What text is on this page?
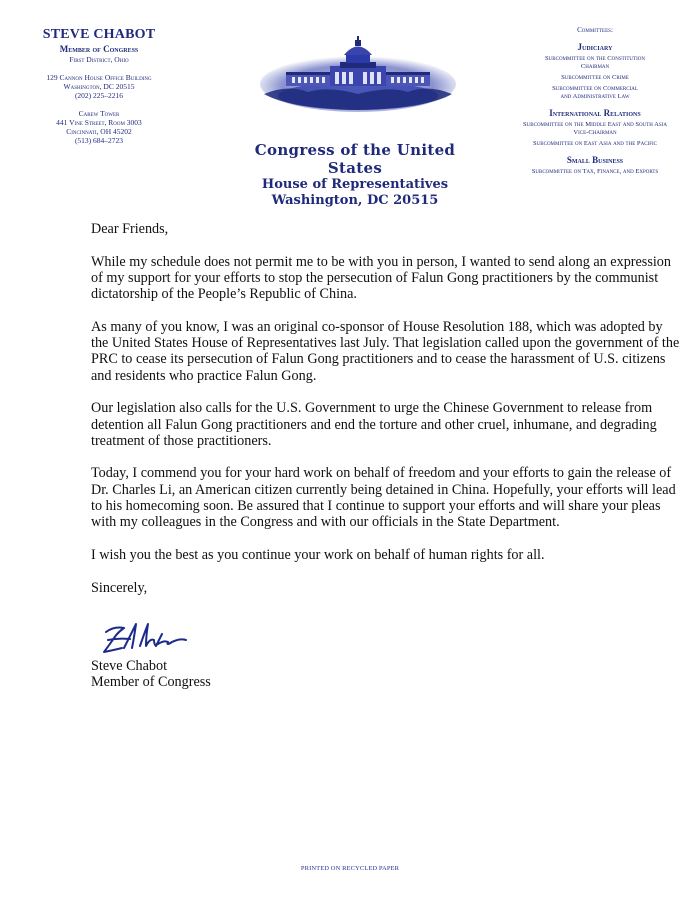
STEVE CHABOT
Member of Congress
First District, Ohio
129 Cannon House Office Building
Washington, DC 20515
(202) 225–2216
Carew Tower
441 Vine Street, Room 3003
Cincinnati, OH 45202
(513) 684–2723
Congress of the United States
House of Representatives
Washington, DC 20515
Committees:
Judiciary
Subcommittee on the Constitution
Chairman
Subcommittee on Crime
Subcommittee on Commercial
and Administrative Law
International Relations
Subcommittee on the Middle East and South Asia
Vice-Chairman
Subcommittee on East Asia and the Pacific
Small Business
Subcommittee on Tax, Finance, and Exports

Dear Friends,

While my schedule does not permit me to be with you in person, I wanted to send along an expression of my support for your efforts to stop the persecution of Falun Gong practitioners by the communist dictatorship of the People’s Republic of China.

As many of you know, I was an original co-sponsor of House Resolution 188, which was adopted by the United States House of Representatives last July. That legislation called upon the government of the PRC to cease its persecution of Falun Gong practitioners and to cease the harassment of U.S. citizens and residents who practice Falun Gong.

Our legislation also calls for the U.S. Government to urge the Chinese Government to release from detention all Falun Gong practitioners and end the torture and other cruel, inhumane, and degrading treatment of those practitioners.

Today, I commend you for your hard work on behalf of freedom and your efforts to gain the release of Dr. Charles Li, an American citizen currently being detained in China. Hopefully, your efforts will lead to his homecoming soon. Be assured that I continue to support your efforts and will share your pleas with my colleagues in the Congress and with our officials in the State Department.

I wish you the best as you continue your work on behalf of human rights for all.

Sincerely,

Steve Chabot
Member of Congress
PRINTED ON RECYCLED PAPER
